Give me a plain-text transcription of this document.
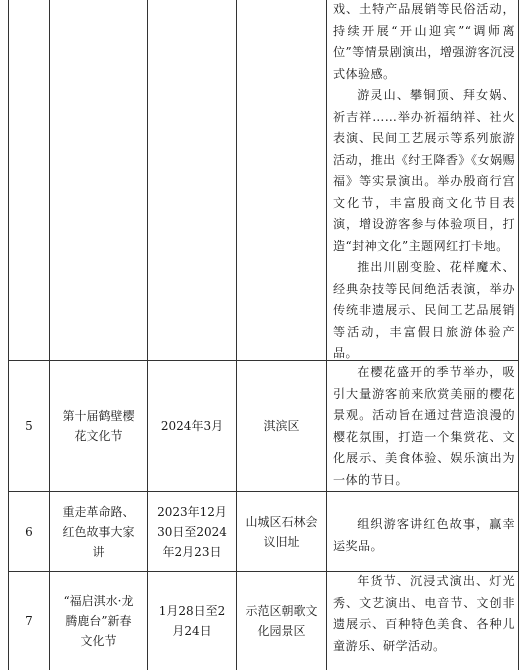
戏、土特产品展销等民俗活动，持续开展“开山迎宾”“调师离位”等情景剧演出，增强游客沉浸式体验感。

游灵山、攀铜顶、拜女娲、祈吉祥……举办祈福纳祥、社火表演、民间工艺展示等系列旅游活动，推出《纣王降香》《女娲赐福》等实景演出。举办殷商行宫文化节，丰富殷商文化节目表演，增设游客参与体验项目，打造“封神文化”主题网红打卡地。

推出川剧变脸、花样魔术、经典杂技等民间绝活表演，举办传统非遗展示、民间工艺品展销等活动，丰富假日旅游体验产品。

5
第十届鹤壁樱花文化节
2024年3月	淇滨区

在樱花盛开的季节举办，吸引大量游客前来欣赏美丽的樱花景观。活动旨在通过营造浪漫的樱花氛围，打造一个集赏花、文化展示、美食体验、娱乐演出为一体的节日。

6
重走革命路、红色故事大家讲
2023年12月30日至2024年2月23日
山城区石林会议旧址

组织游客讲红色故事，赢幸运奖品。

7
“福启淇水·龙腾鹿台”新春文化节
1月28日至2月24日
示范区朝歌文化园景区

年货节、沉浸式演出、灯光秀、文艺演出、电音节、文创非遗展示、百种特色美食、各种儿童游乐、研学活动。
